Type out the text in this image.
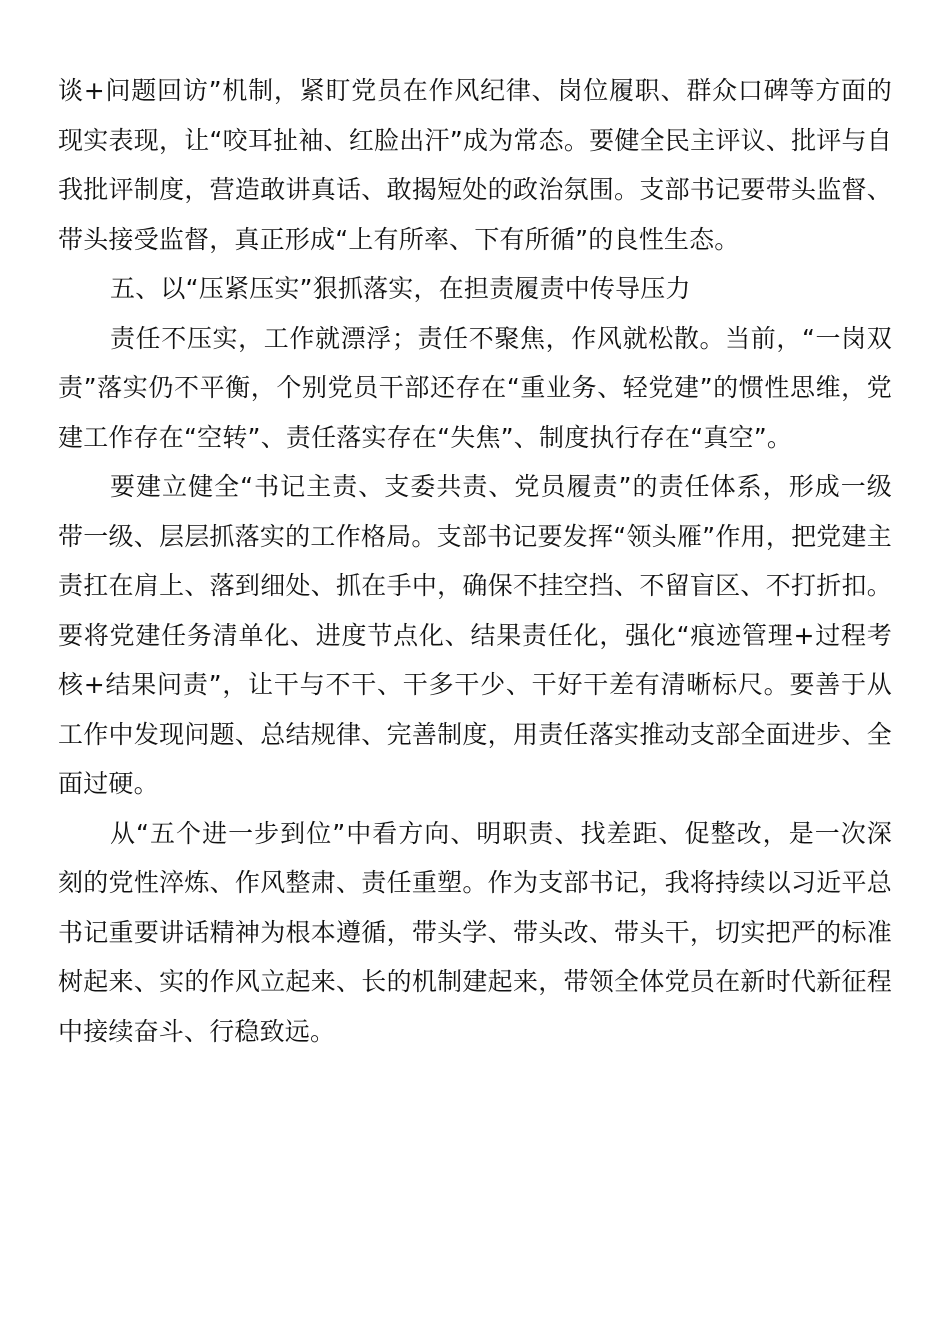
谈+问题回访”机制，紧盯党员在作风纪律、岗位履职、群众口碑等方面的现实表现，让“咬耳扯袖、红脸出汗”成为常态。要健全民主评议、批评与自我批评制度，营造敢讲真话、敢揭短处的政治氛围。支部书记要带头监督、带头接受监督，真正形成“上有所率、下有所循”的良性生态。

五、以“压紧压实”狠抓落实，在担责履责中传导压力

责任不压实，工作就漂浮；责任不聚焦，作风就松散。当前，“一岗双责”落实仍不平衡，个别党员干部还存在“重业务、轻党建”的惯性思维，党建工作存在“空转”、责任落实存在“失焦”、制度执行存在“真空”。

要建立健全“书记主责、支委共责、党员履责”的责任体系，形成一级带一级、层层抓落实的工作格局。支部书记要发挥“领头雁”作用，把党建主责扛在肩上、落到细处、抓在手中，确保不挂空挡、不留盲区、不打折扣。要将党建任务清单化、进度节点化、结果责任化，强化“痕迹管理+过程考核+结果问责”，让干与不干、干多干少、干好干差有清晰标尺。要善于从工作中发现问题、总结规律、完善制度，用责任落实推动支部全面进步、全面过硬。

从“五个进一步到位”中看方向、明职责、找差距、促整改，是一次深刻的党性淬炼、作风整肃、责任重塑。作为支部书记，我将持续以习近平总书记重要讲话精神为根本遵循，带头学、带头改、带头干，切实把严的标准树起来、实的作风立起来、长的机制建起来，带领全体党员在新时代新征程中接续奋斗、行稳致远。
